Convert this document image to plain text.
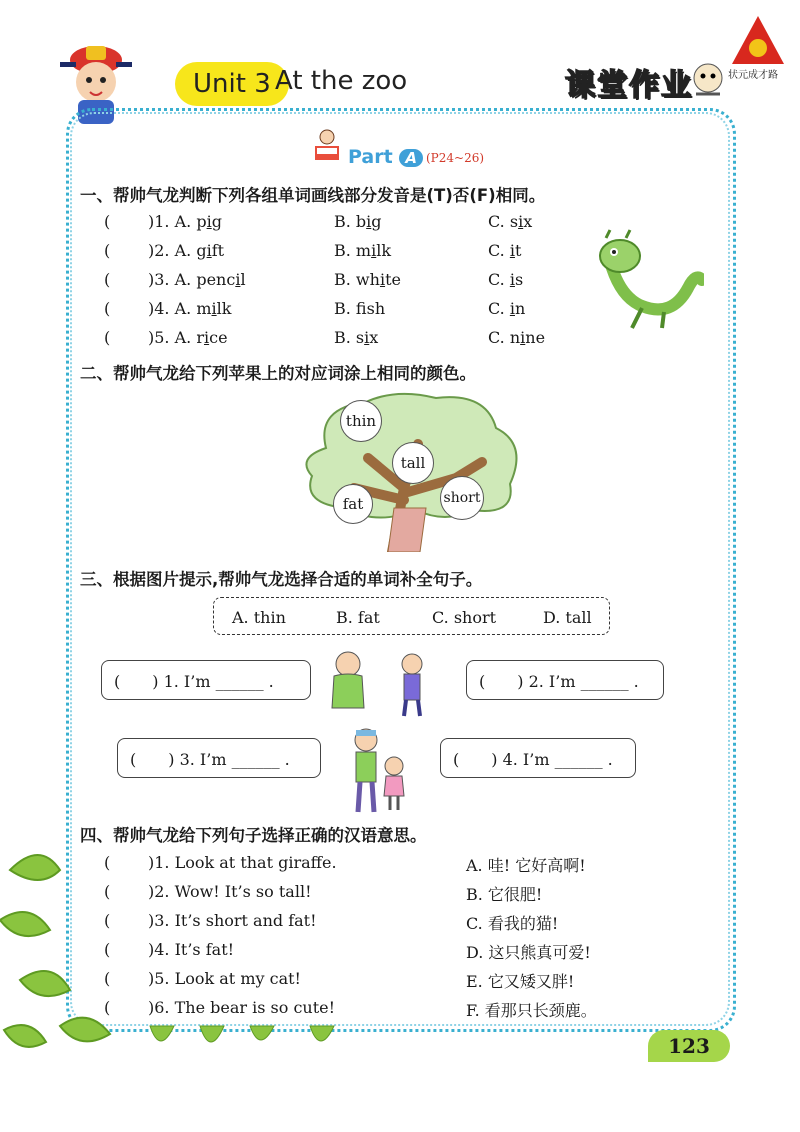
Unit 3 At the zoo	课堂作业	状元成才路
Part A (P24~26)
一、帮帅气龙判断下列各组单词画线部分发音是(T)否(F)相同。
(	)1. A. pig	B. big	C. six
(	)2. A. gift	B. milk	C. it
(	)3. A. pencil	B. white	C. is
(	)4. A. milk	B. fsh	C. in
(	)5. A. rice	B. six	C. nine
二、帮帅气龙给下列苹果上的对应词涂上相同的颜色。
thin
tall
fat	short
三、根据图片提示,帮帅气龙选择合适的单词补全句子。
A. thin	B. fat	C. short	D. tall
(　　) 1. I’m ______ .	(　　) 2. I’m ______ .
(　　) 3. I’m ______ .	(　　) 4. I’m ______ .
四、帮帅气龙给下列句子选择正确的汉语意思。
(	)1. Look at that giraffe.	A. 哇! 它好高啊!
(	)2. Wow! It’s so tall!	B. 它很肥!
(	)3. It’s short and fat!	C. 看我的猫!
(	)4. It’s fat!	D. 这只熊真可爱!
(	)5. Look at my cat!	E. 它又矮又胖!
(	)6. The bear is so cute!	F. 看那只长颈鹿。
123
